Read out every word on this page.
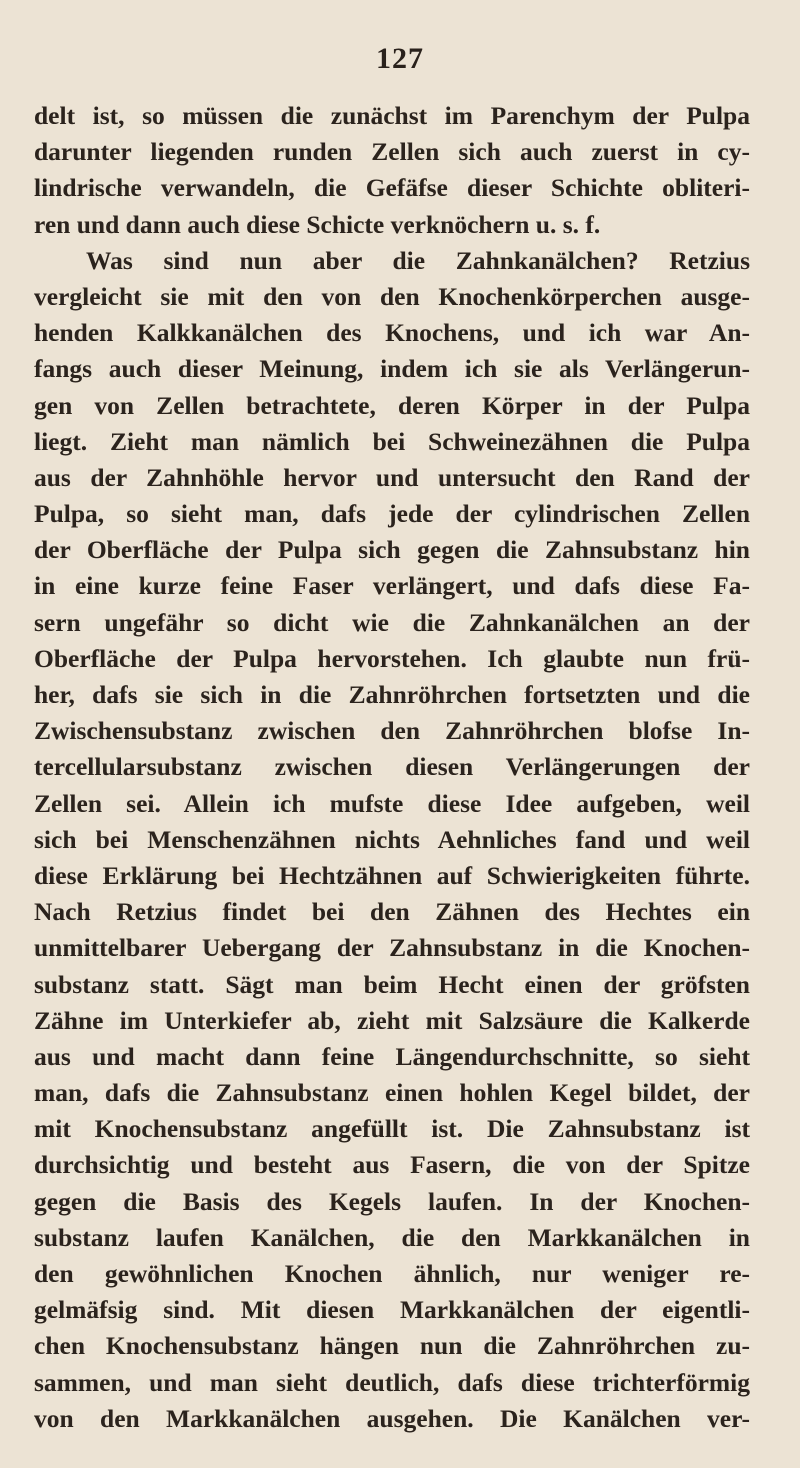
127
delt ist, so müssen die zunächst im Parenchym der Pulpa
darunter liegenden runden Zellen sich auch zuerst in cy-
lindrische verwandeln, die Gefäfse dieser Schichte obliteri-
ren und dann auch diese Schicte verknöchern u. s. f.
Was sind nun aber die Zahnkanälchen? Retzius
vergleicht sie mit den von den Knochenkörperchen ausge-
henden Kalkkanälchen des Knochens, und ich war An-
fangs auch dieser Meinung, indem ich sie als Verlängerun-
gen von Zellen betrachtete, deren Körper in der Pulpa
liegt. Zieht man nämlich bei Schweinezähnen die Pulpa
aus der Zahnhöhle hervor und untersucht den Rand der
Pulpa, so sieht man, dafs jede der cylindrischen Zellen
der Oberfläche der Pulpa sich gegen die Zahnsubstanz hin
in eine kurze feine Faser verlängert, und dafs diese Fa-
sern ungefähr so dicht wie die Zahnkanälchen an der
Oberfläche der Pulpa hervorstehen. Ich glaubte nun frü-
her, dafs sie sich in die Zahnröhrchen fortsetzten und die
Zwischensubstanz zwischen den Zahnröhrchen blofse In-
tercellularsubstanz zwischen diesen Verlängerungen der
Zellen sei. Allein ich mufste diese Idee aufgeben, weil
sich bei Menschenzähnen nichts Aehnliches fand und weil
diese Erklärung bei Hechtzähnen auf Schwierigkeiten führte.
Nach Retzius findet bei den Zähnen des Hechtes ein
unmittelbarer Uebergang der Zahnsubstanz in die Knochen-
substanz statt. Sägt man beim Hecht einen der gröfsten
Zähne im Unterkiefer ab, zieht mit Salzsäure die Kalkerde
aus und macht dann feine Längendurchschnitte, so sieht
man, dafs die Zahnsubstanz einen hohlen Kegel bildet, der
mit Knochensubstanz angefüllt ist. Die Zahnsubstanz ist
durchsichtig und besteht aus Fasern, die von der Spitze
gegen die Basis des Kegels laufen. In der Knochen-
substanz laufen Kanälchen, die den Markkanälchen in
den gewöhnlichen Knochen ähnlich, nur weniger re-
gelmäfsig sind. Mit diesen Markkanälchen der eigentli-
chen Knochensubstanz hängen nun die Zahnröhrchen zu-
sammen, und man sieht deutlich, dafs diese trichterförmig
von den Markkanälchen ausgehen. Die Kanälchen ver-
